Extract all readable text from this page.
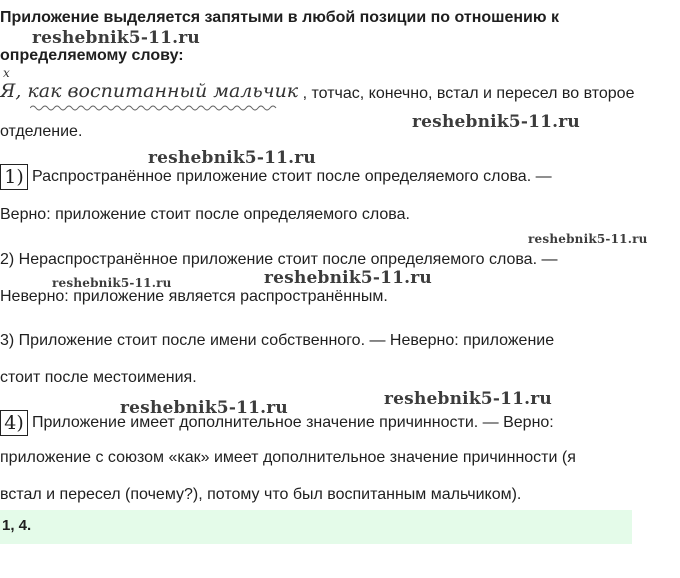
Приложение выделяется запятыми в любой позиции по отношению к
определяемому слову:
х
Я, как воспитанный мальчик , тотчас, конечно, встал и пересел во второе
отделение.
1) Распространённое приложение стоит после определяемого слова. —
Верно: приложение стоит после определяемого слова.
2) Нераспространённое приложение стоит после определяемого слова. —
Неверно: приложение является распространённым.
3) Приложение стоит после имени собственного. — Неверно: приложение
стоит после местоимения.
4) Приложение имеет дополнительное значение причинности. — Верно:
приложение с союзом «как» имеет дополнительное значение причинности (я
встал и пересел (почему?), потому что был воспитанным мальчиком).
1, 4.
reshebnik5-11.ru
reshebnik5-11.ru
reshebnik5-11.ru
reshebnik5-11.ru
reshebnik5-11.ru
reshebnik5-11.ru
reshebnik5-11.ru
reshebnik5-11.ru
